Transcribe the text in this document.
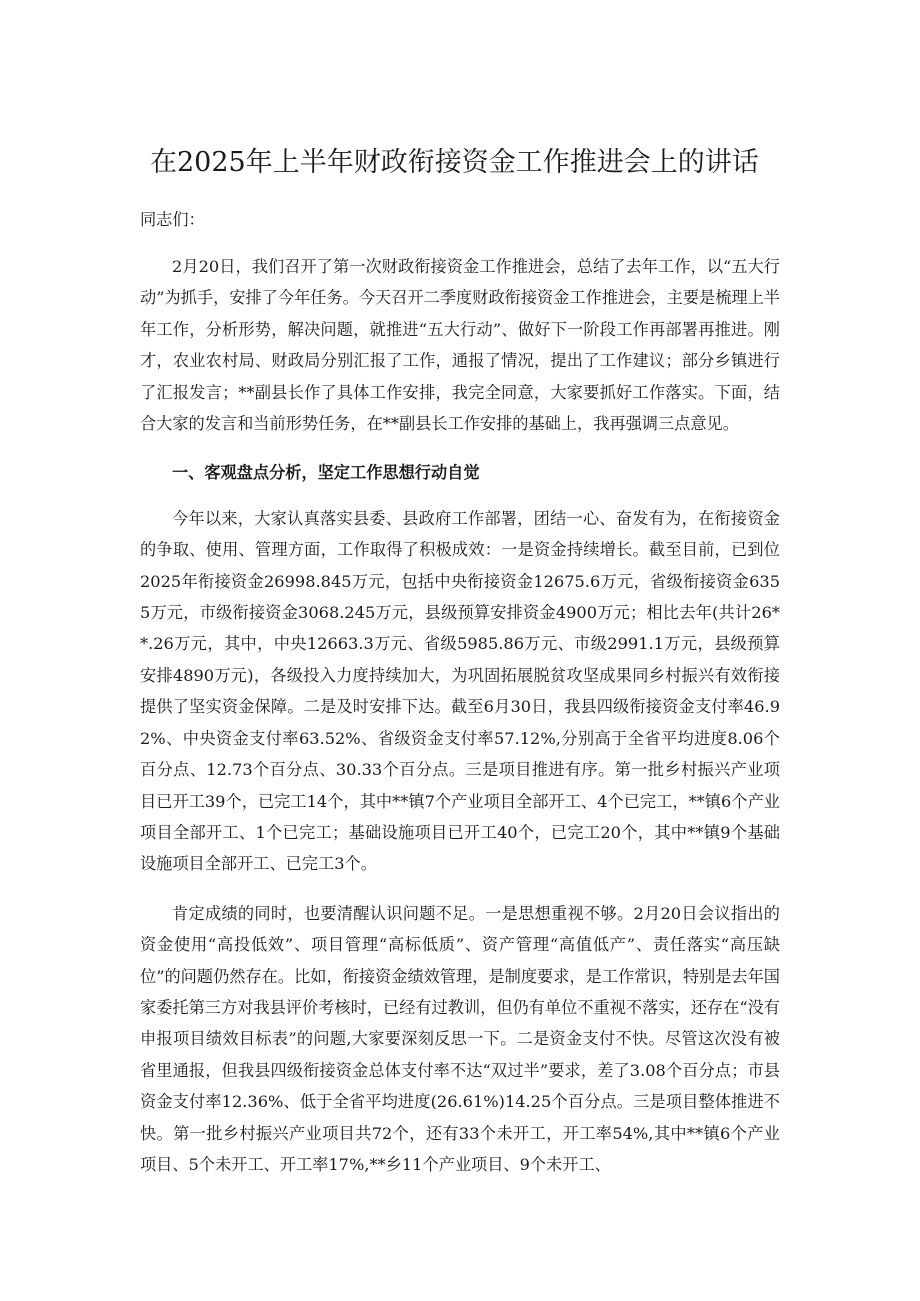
在2025年上半年财政衔接资金工作推进会上的讲话

同志们：

2月20日，我们召开了第一次财政衔接资金工作推进会，总结了去年工作，以“五大行动”为抓手，安排了今年任务。今天召开二季度财政衔接资金工作推进会，主要是梳理上半年工作，分析形势，解决问题，就推进“五大行动”、做好下一阶段工作再部署再推进。刚才，农业农村局、财政局分别汇报了工作，通报了情况，提出了工作建议；部分乡镇进行了汇报发言；**副县长作了具体工作安排，我完全同意，大家要抓好工作落实。下面，结合大家的发言和当前形势任务，在**副县长工作安排的基础上，我再强调三点意见。

一、客观盘点分析，坚定工作思想行动自觉

今年以来，大家认真落实县委、县政府工作部署，团结一心、奋发有为，在衔接资金的争取、使用、管理方面，工作取得了积极成效：一是资金持续增长。截至目前，已到位2025年衔接资金26998.845万元，包括中央衔接资金12675.6万元，省级衔接资金6355万元，市级衔接资金3068.245万元，县级预算安排资金4900万元；相比去年(共计26**.26万元，其中，中央12663.3万元、省级5985.86万元、市级2991.1万元，县级预算安排4890万元)，各级投入力度持续加大，为巩固拓展脱贫攻坚成果同乡村振兴有效衔接提供了坚实资金保障。二是及时安排下达。截至6月30日，我县四级衔接资金支付率46.92%、中央资金支付率63.52%、省级资金支付率57.12%,分别高于全省平均进度8.06个百分点、12.73个百分点、30.33个百分点。三是项目推进有序。第一批乡村振兴产业项目已开工39个，已完工14个，其中**镇7个产业项目全部开工、4个已完工，**镇6个产业项目全部开工、1个已完工；基础设施项目已开工40个，已完工20个，其中**镇9个基础设施项目全部开工、已完工3个。

肯定成绩的同时，也要清醒认识问题不足。一是思想重视不够。2月20日会议指出的资金使用“高投低效”、项目管理“高标低质”、资产管理“高值低产”、责任落实“高压缺位”的问题仍然存在。比如，衔接资金绩效管理，是制度要求，是工作常识，特别是去年国家委托第三方对我县评价考核时，已经有过教训，但仍有单位不重视不落实，还存在“没有申报项目绩效目标表”的问题,大家要深刻反思一下。二是资金支付不快。尽管这次没有被省里通报，但我县四级衔接资金总体支付率不达“双过半”要求，差了3.08个百分点；市县资金支付率12.36%、低于全省平均进度(26.61%)14.25个百分点。三是项目整体推进不快。第一批乡村振兴产业项目共72个，还有33个未开工，开工率54%,其中**镇6个产业项目、5个未开工、开工率17%,**乡11个产业项目、9个未开工、
